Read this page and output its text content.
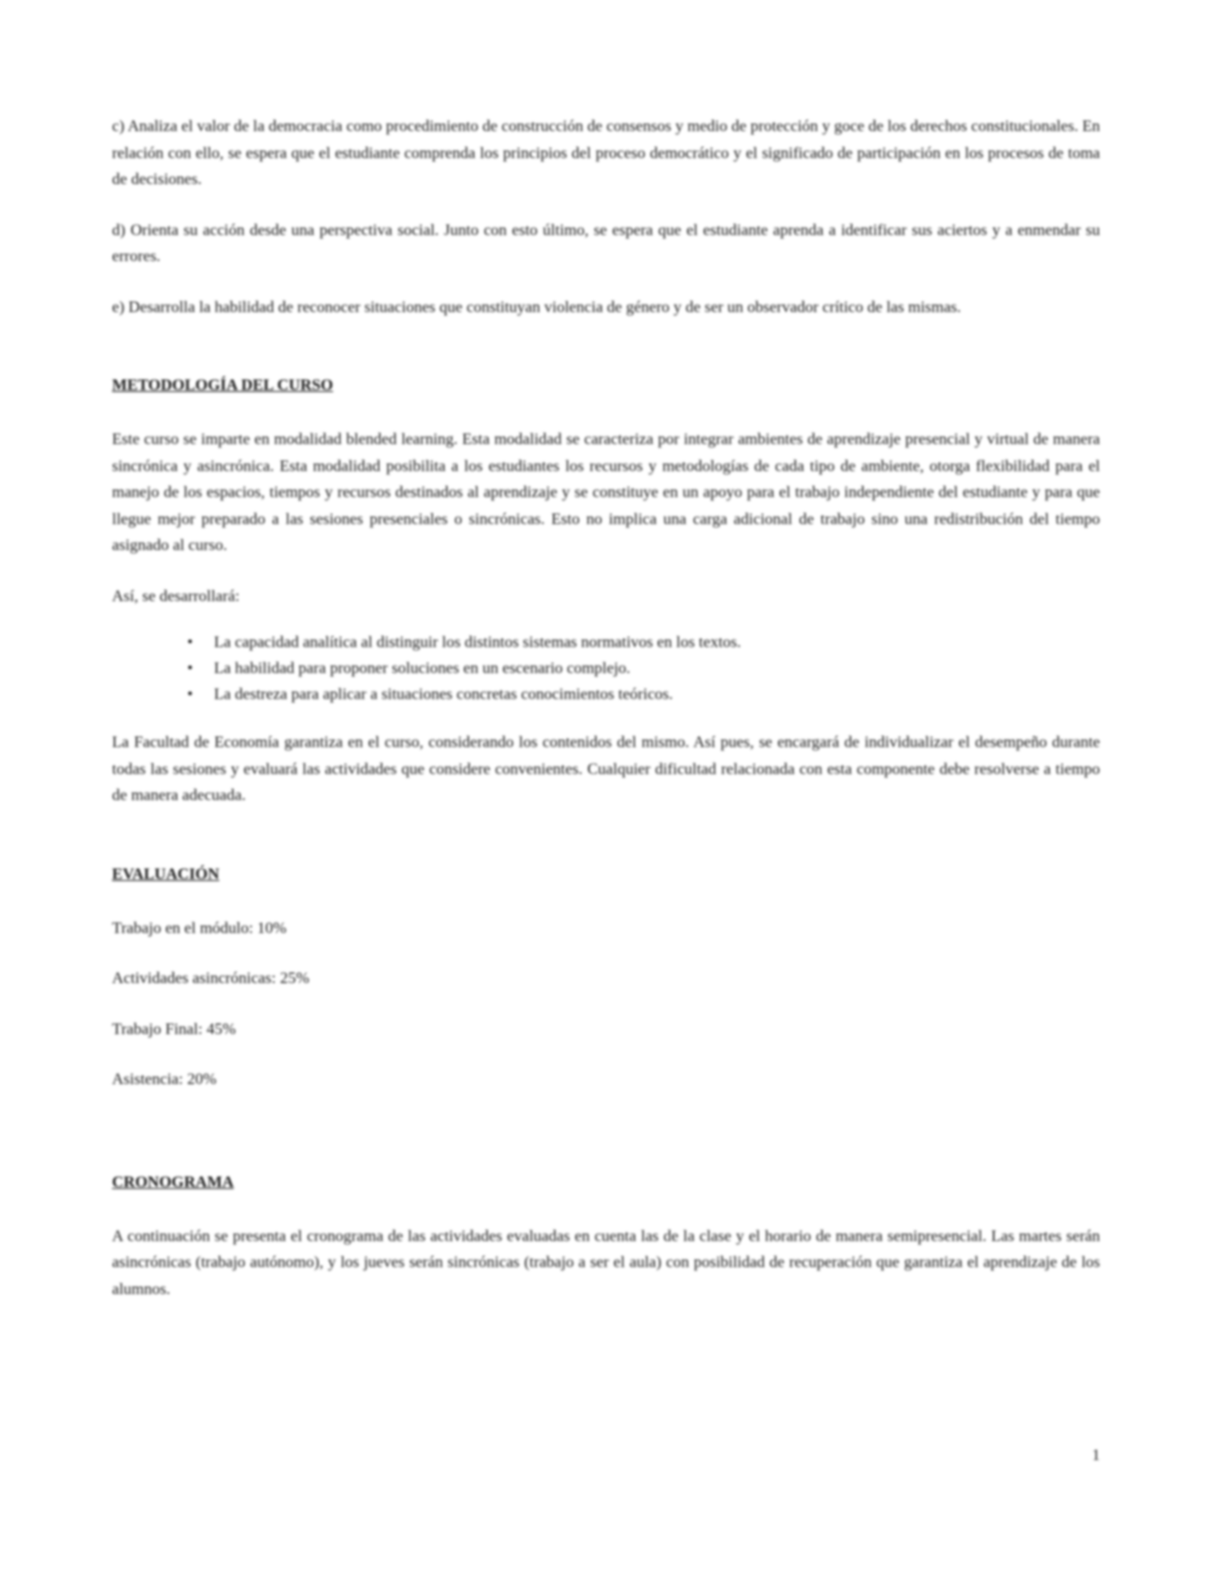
c) Analiza el valor de la democracia como procedimiento de construcción de consensos y medio de protección y goce de los derechos constitucionales. En relación con ello, se espera que el estudiante comprenda los principios del proceso democrático y el significado de participación en los procesos de toma de decisiones.

d) Orienta su acción desde una perspectiva social. Junto con esto último, se espera que el estudiante aprenda a identificar sus aciertos y a enmendar su errores.

e) Desarrolla la habilidad de reconocer situaciones que constituyan violencia de género y de ser un observador crítico de las mismas.

METODOLOGÍA DEL CURSO

Este curso se imparte en modalidad blended learning. Esta modalidad se caracteriza por integrar ambientes de aprendizaje presencial y virtual de manera sincrónica y asincrónica. Esta modalidad posibilita a los estudiantes los recursos y metodologías de cada tipo de ambiente, otorga flexibilidad para el manejo de los espacios, tiempos y recursos destinados al aprendizaje y se constituye en un apoyo para el trabajo independiente del estudiante y para que llegue mejor preparado a las sesiones presenciales o sincrónicas. Esto no implica una carga adicional de trabajo sino una redistribución del tiempo asignado al curso.

Así, se desarrollará:

• La capacidad analítica al distinguir los distintos sistemas normativos en los textos.
• La habilidad para proponer soluciones en un escenario complejo.
• La destreza para aplicar a situaciones concretas conocimientos teóricos.

La Facultad de Economía garantiza en el curso, considerando los contenidos del mismo. Así pues, se encargará de individualizar el desempeño durante todas las sesiones y evaluará las actividades que considere convenientes. Cualquier dificultad relacionada con esta componente debe resolverse a tiempo de manera adecuada.

EVALUACIÓN

Trabajo en el módulo: 10%

Actividades asincrónicas: 25%

Trabajo Final: 45%

Asistencia: 20%

CRONOGRAMA

A continuación se presenta el cronograma de las actividades evaluadas en cuenta las de la clase y el horario de manera semipresencial. Las martes serán asincrónicas (trabajo autónomo), y los jueves serán sincrónicas (trabajo a ser el aula) con posibilidad de recuperación que garantiza el aprendizaje de los alumnos.

1
